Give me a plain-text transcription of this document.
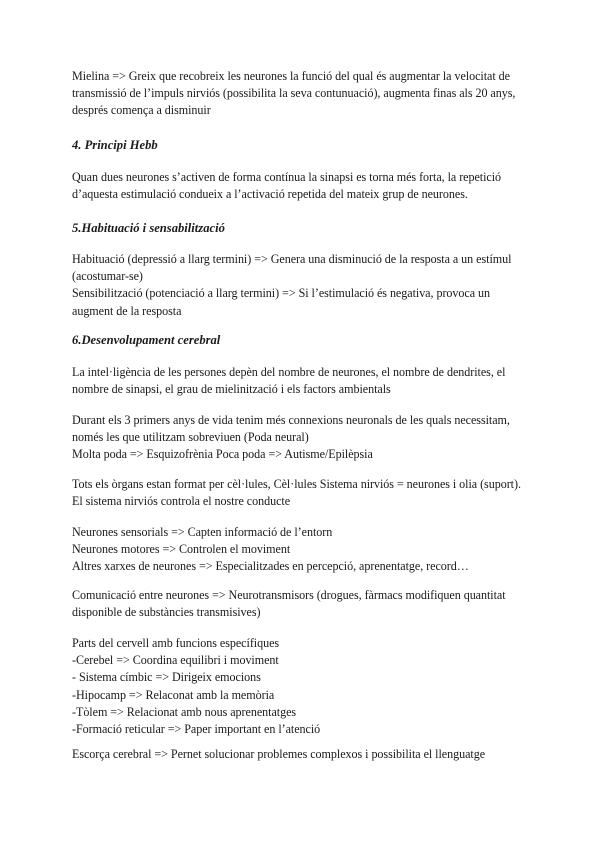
Mielina => Greix que recobreix les neurones la funció del qual és augmentar la velocitat de
transmissió de l’impuls nirviós (possibilita la seva contunuació), augmenta finas als 20 anys,
després comença a disminuir

4. Principi Hebb

Quan dues neurones s’activen de forma contínua la sinapsi es torna més forta, la repetició
d’aquesta estimulació condueix a l’activació repetida del mateix grup de neurones.

5.Habituació i sensabilització

Habituació (depressió a llarg termini) => Genera una disminució de la resposta a un estímul
(acostumar-se)
Sensibilització (potenciació a llarg termini) => Si l’estimulació és negativa, provoca un
augment de la resposta

6.Desenvolupament cerebral

La intel·ligència de les persones depèn del nombre de neurones, el nombre de dendrites, el
nombre de sinapsi, el grau de mielinització i els factors ambientals

Durant els 3 primers anys de vida tenim més connexions neuronals de les quals necessitam,
només les que utilitzam sobreviuen (Poda neural)
Molta poda => Esquizofrènia Poca poda => Autisme/Epilèpsia

Tots els òrgans estan format per cèl·lules, Cèl·lules Sistema nirviós = neurones i olia (suport).
El sistema nirviós controla el nostre conducte

Neurones sensorials => Capten informació de l’entorn
Neurones motores => Controlen el moviment
Altres xarxes de neurones => Especialitzades en percepció, aprenentatge, record…

Comunicació entre neurones => Neurotransmisors (drogues, fàrmacs modifiquen quantitat
disponible de substàncies transmisives)

Parts del cervell amb funcions específiques
-Cerebel => Coordina equilibri i moviment
- Sistema címbic => Dirigeix emocions
-Hipocamp => Relaconat amb la memòria
-Tòlem => Relacionat amb nous aprenentatges
-Formació reticular => Paper important en l’atenció

Escorça cerebral => Pernet solucionar problemes complexos i possibilita el llenguatge
